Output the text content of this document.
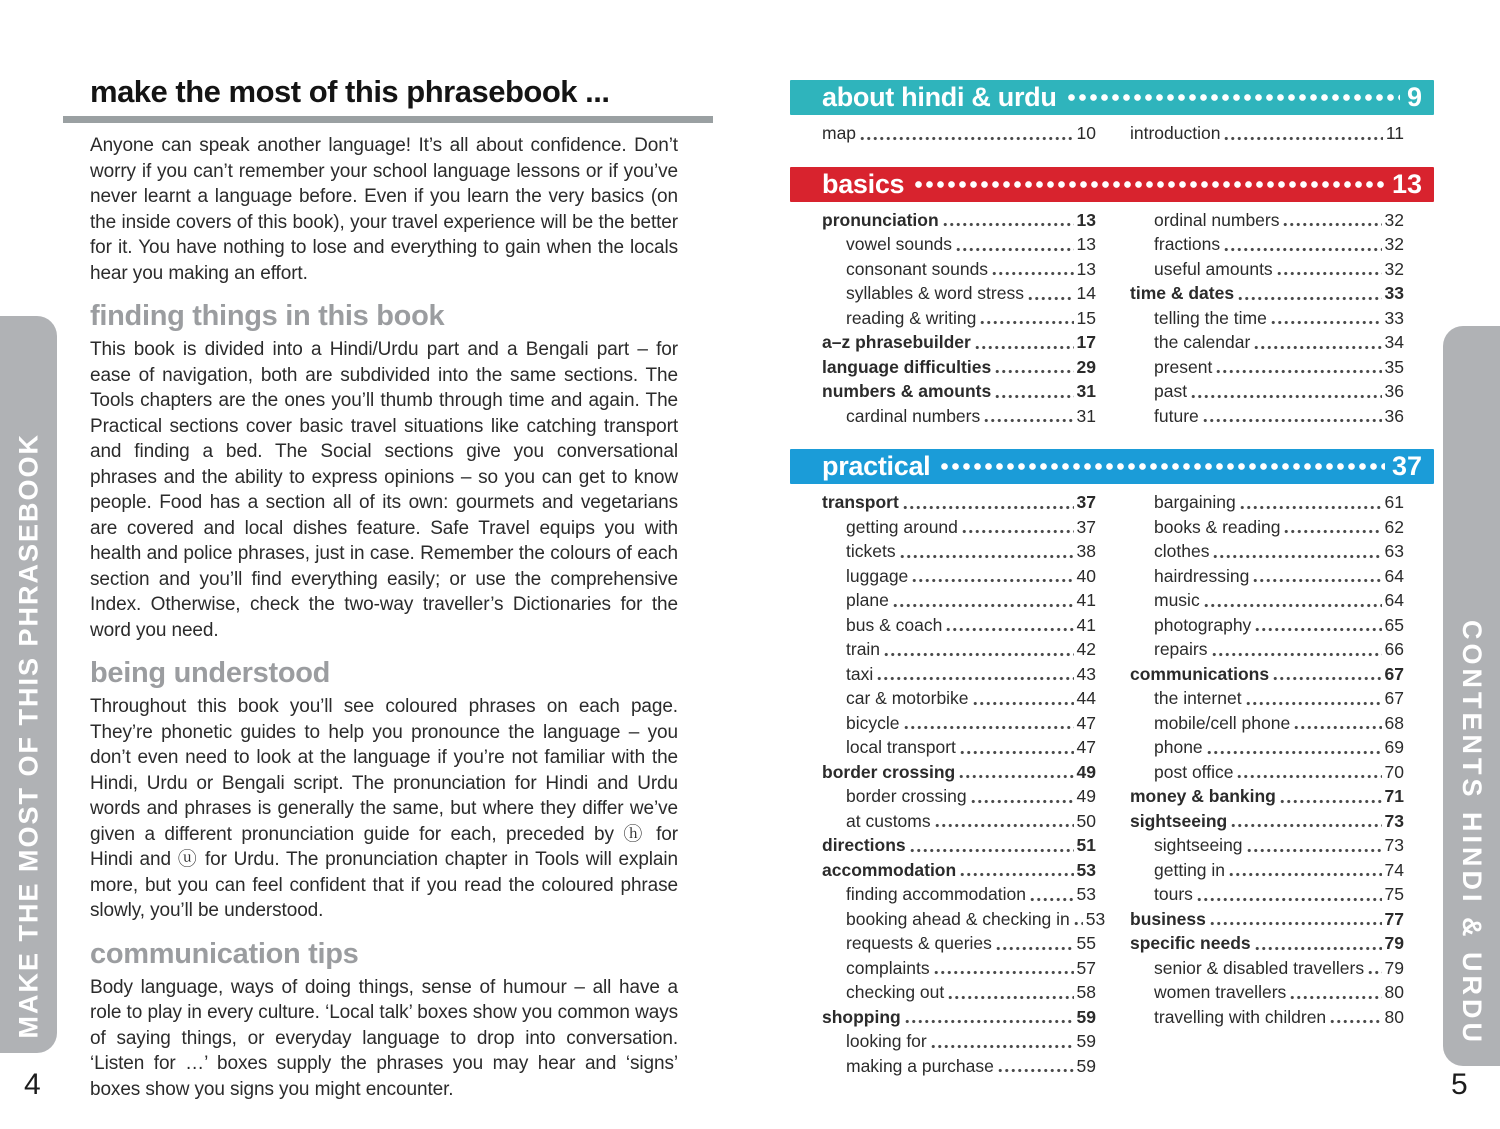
make the most of this phrasebook ...

Anyone can speak another language! It’s all about confidence. Don’t worry if you can’t remember your school language lessons or if you’ve never learnt a language before. Even if you learn the very basics (on the inside covers of this book), your travel experience will be the better for it. You have nothing to lose and everything to gain when the locals hear you making an effort.

finding things in this book

This book is divided into a Hindi/Urdu part and a Bengali part – for ease of navigation, both are subdivided into the same sections. The Tools chapters are the ones you’ll thumb through time and again. The Practical sections cover basic travel situations like catching transport and finding a bed. The Social sections give you conversational phrases and the ability to express opinions – so you can get to know people. Food has a section all of its own: gourmets and vegetarians are covered and local dishes feature. Safe Travel equips you with health and police phrases, just in case. Remember the colours of each section and you’ll find everything easily; or use the comprehensive Index. Otherwise, check the two-way traveller’s Dictionaries for the word you need.

being understood

Throughout this book you’ll see coloured phrases on each page. They’re phonetic guides to help you pronounce the language – you don’t even need to look at the language if you’re not familiar with the Hindi, Urdu or Bengali script. The pronunciation for Hindi and Urdu words and phrases is generally the same, but where they differ we’ve given a different pronunciation guide for each, preceded by ⓗ for Hindi and ⓤ for Urdu. The pronunciation chapter in Tools will explain more, but you can feel confident that if you read the coloured phrase slowly, you’ll be understood.

communication tips

Body language, ways of doing things, sense of humour – all have a role to play in every culture. ‘Local talk’ boxes show you common ways of saying things, or everyday language to drop into conversation. ‘Listen for …’ boxes supply the phrases you may hear and ‘signs’ boxes show you signs you might encounter.

about hindi & urdu	9
map	10 introduction	11
basics	13
pronunciation	13
vowel sounds	13
consonant sounds	13
syllables & word stress	14
reading & writing	15
a–z phrasebuilder	17
language difficulties	29
numbers & amounts	31
cardinal numbers	31
ordinal numbers	32
fractions	32
useful amounts	32
time & dates	33
telling the time	33
the calendar	34
present	35
past	36
future	36
practical	37
transport	37
getting around	37
tickets	38
luggage	40
plane	41
bus & coach	41
train	42
taxi	43
car & motorbike	44
bicycle	47
local transport	47
border crossing	49
border crossing	49
at customs	50
directions	51
accommodation	53
finding accommodation	53
booking ahead & checking in 53
requests & queries	55
complaints	57
checking out	58
shopping	59
looking for	59
making a purchase	59
bargaining	61
books & reading	62
clothes	63
hairdressing	64
music	64
photography	65
repairs	66
communications	67
the internet	67
mobile/cell phone	68
phone	69
post office	70
money & banking	71
sightseeing	73
sightseeing	73
getting in	74
tours	75
business	77
specific needs	79
senior & disabled travellers 79
women travellers	80
travelling with children	80
MAKE THE MOST OF THIS PHRASEBOOK	CONTENTS HINDI & URDU
4	5
